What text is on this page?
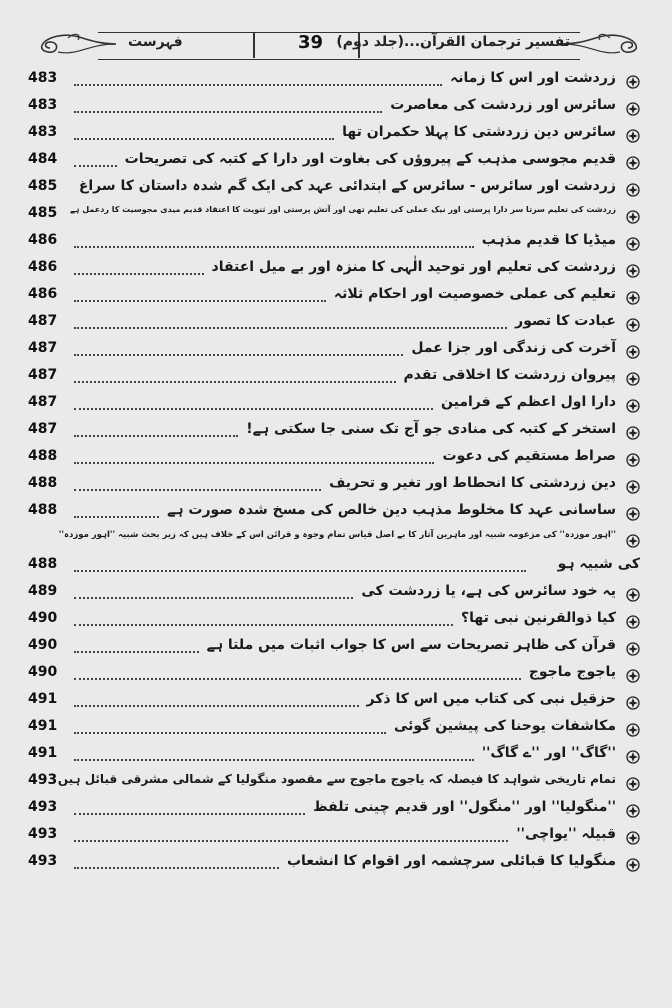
تفسیر ترجمان القرآن...(جلد دوم)
39
فہرست
483	زردشت اور اس کا زمانہ
483	سائرس اور زردشت کی معاصرت
483	سائرس دین زردشتی کا پہلا حکمران تھا
484	قدیم مجوسی مذہب کے پیروؤں کی بغاوت اور دارا کے کتبہ کی تصریحات
485 زردشت اور سائرس - سائرس کے ابتدائی عہد کی ایک گم شدہ داستان کا سراغ
485 زردشت کی تعلیم سرتا سر دارا پرستی اور نیک عملی کی تعلیم تھی اور آتش پرستی اور ثنویت کا اعتقاد قدیم میدی مجوسیت کا ردعمل ہے
486	میڈیا کا قدیم مذہب
486	زردشت کی تعلیم اور توحید الٰہی کا منزہ اور بے میل اعتقاد
486	تعلیم کی عملی خصوصیت اور احکام ثلاثہ
487	عبادت کا تصور
487	آخرت کی زندگی اور جزا عمل
487	پیروان زردشت کا اخلاقی تقدم
487	دارا اول اعظم کے فرامین
487	استخر کے کتبہ کی منادی جو آج تک سنی جا سکتی ہے!
488	صراط مستقیم کی دعوت
488	دین زردشتی کا انحطاط اور تغیر و تحریف
488	ساسانی عہد کا مخلوط مذہب دین خالص کی مسخ شدہ صورت ہے
''اہور موزدہ'' کی مزعومہ شبیہ اور ماہرین آثار کا بے اصل قیاس تمام وجوہ و قرائن اس کے خلاف ہیں کہ زیر بحث شبیہ ''اہور موزدہ''
488	کی شبیہ ہو
489	یہ خود سائرس کی ہے، یا زردشت کی
490	کیا ذوالقرنین نبی تھا؟
490	قرآن کی ظاہر تصریحات سے اس کا جواب اثبات میں ملتا ہے
490	یاجوج ماجوج
491	حزقیل نبی کی کتاب میں اس کا ذکر
491	مکاشفات یوحنا کی پیشین گوئی
491	''گاگ'' اور ''ے گاگ''
493 تمام تاریخی شواہد کا فیصلہ کہ یاجوج ماجوج سے مقصود منگولیا کے شمالی مشرقی قبائل ہیں
493	''منگولیا'' اور ''منگول'' اور قدیم چینی تلفظ
493	قبیلہ ''یواچی''
493	منگولیا کا قبائلی سرچشمہ اور اقوام کا انشعاب
